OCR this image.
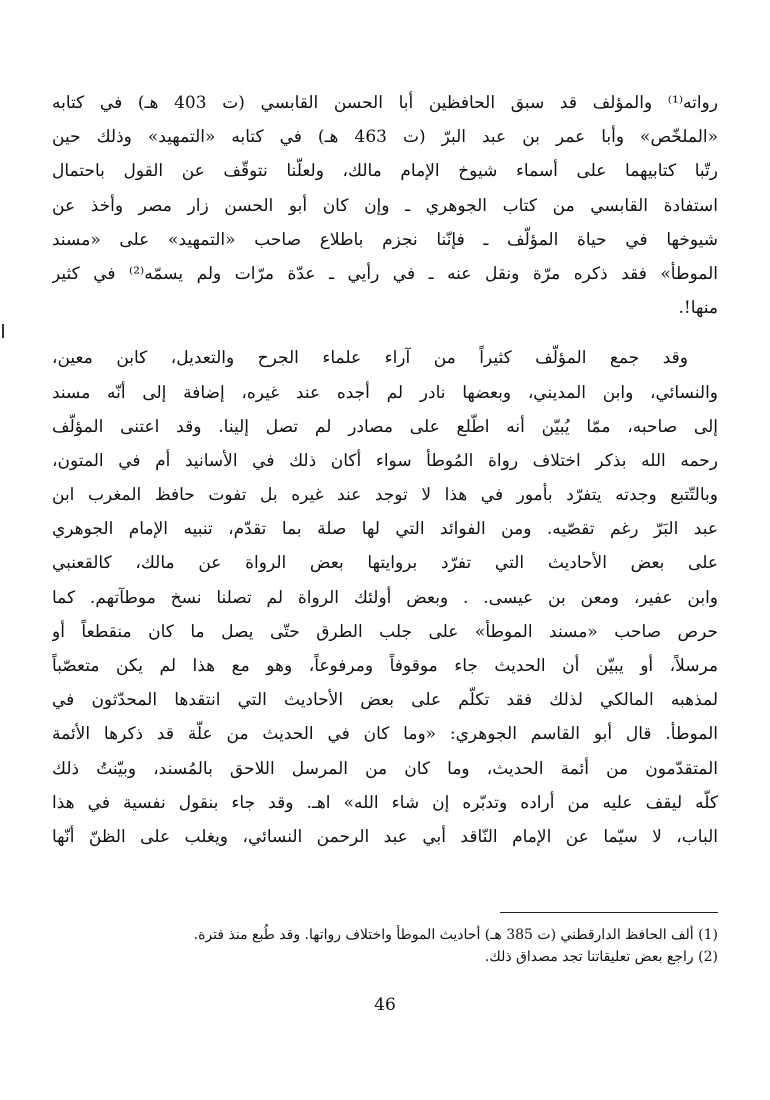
رواته⁽¹⁾ والمؤلف قد سبق الحافظين أبا الحسن القابسي (ت 403 هـ) في كتابه
«الملخّص» وأبا عمر بن عبد البرّ (ت 463 هـ) في كتابه «التمهيد» وذلك حين
رتّبا كتابيهما على أسماء شيوخ الإمام مالك، ولعلّنا نتوقّف عن القول باحتمال
استفادة القابسي من كتاب الجوهري ـ وإن كان أبو الحسن زار مصر وأخذ عن
شيوخها في حياة المؤلّف ـ فإنّنا نجزم باطلاع صاحب «التمهيد» على «مسند
الموطأ» فقد ذكره مرّة ونقل عنه ـ في رأيي ـ عدّة مرّات ولم يسمّه⁽²⁾ في كثير
منها!.
وقد جمع المؤلّف كثيراً من آراء علماء الجرح والتعديل، كابن معين،
والنسائي، وابن المديني، وبعضها نادر لم أجده عند غيره، إضافة إلى أنّه مسند
إلى صاحبه، ممّا يُبيّن أنه اطّلع على مصادر لم تصل إلينا. وقد اعتنى المؤلّف
رحمه الله بذكر اختلاف رواة المُوطأ سواء أكان ذلك في الأسانيد أم في المتون،
وبالتّتبع وجدته يتفرّد بأمور في هذا لا توجد عند غيره بل تفوت حافظ المغرب ابن
عبد البَرّ رغم تقصّيه. ومن الفوائد التي لها صلة بما تقدّم، تنبيه الإمام الجوهري
على بعض الأحاديث التي تفرّد بروايتها بعض الرواة عن مالك، كالقعنبي
وابن عفير، ومعن بن عيسى. . وبعض أولئك الرواة لم تصلنا نسخ موطآتهم. كما
حرص صاحب «مسند الموطأ» على جلب الطرق حتّى يصل ما كان منقطعاً أو
مرسلاً، أو يبيّن أن الحديث جاء موقوفاً ومرفوعاً، وهو مع هذا لم يكن متعصّباً
لمذهبه المالكي لذلك فقد تكلّم على بعض الأحاديث التي انتقدها المحدّثون في
الموطأ. قال أبو القاسم الجوهري: «وما كان في الحديث من علّة قد ذكرها الأئمة
المتقدّمون من أئمة الحديث، وما كان من المرسل اللاحق بالمُسند، وبيّنتُ ذلك
كلّه ليقف عليه من أراده وتدبّره إن شاء الله» اهـ. وقد جاء بنقول نفسية في هذا
الباب، لا سيّما عن الإمام النّاقد أبي عبد الرحمن النسائي، ويغلب على الظنّ أنّها
(1) ألف الحافظ الدارقطني (ت 385 هـ) أحاديث الموطأ واختلاف رواتها. وقد طُبع منذ فترة.
(2) راجع بعض تعليقاتنا تجد مصداق ذلك.
46
